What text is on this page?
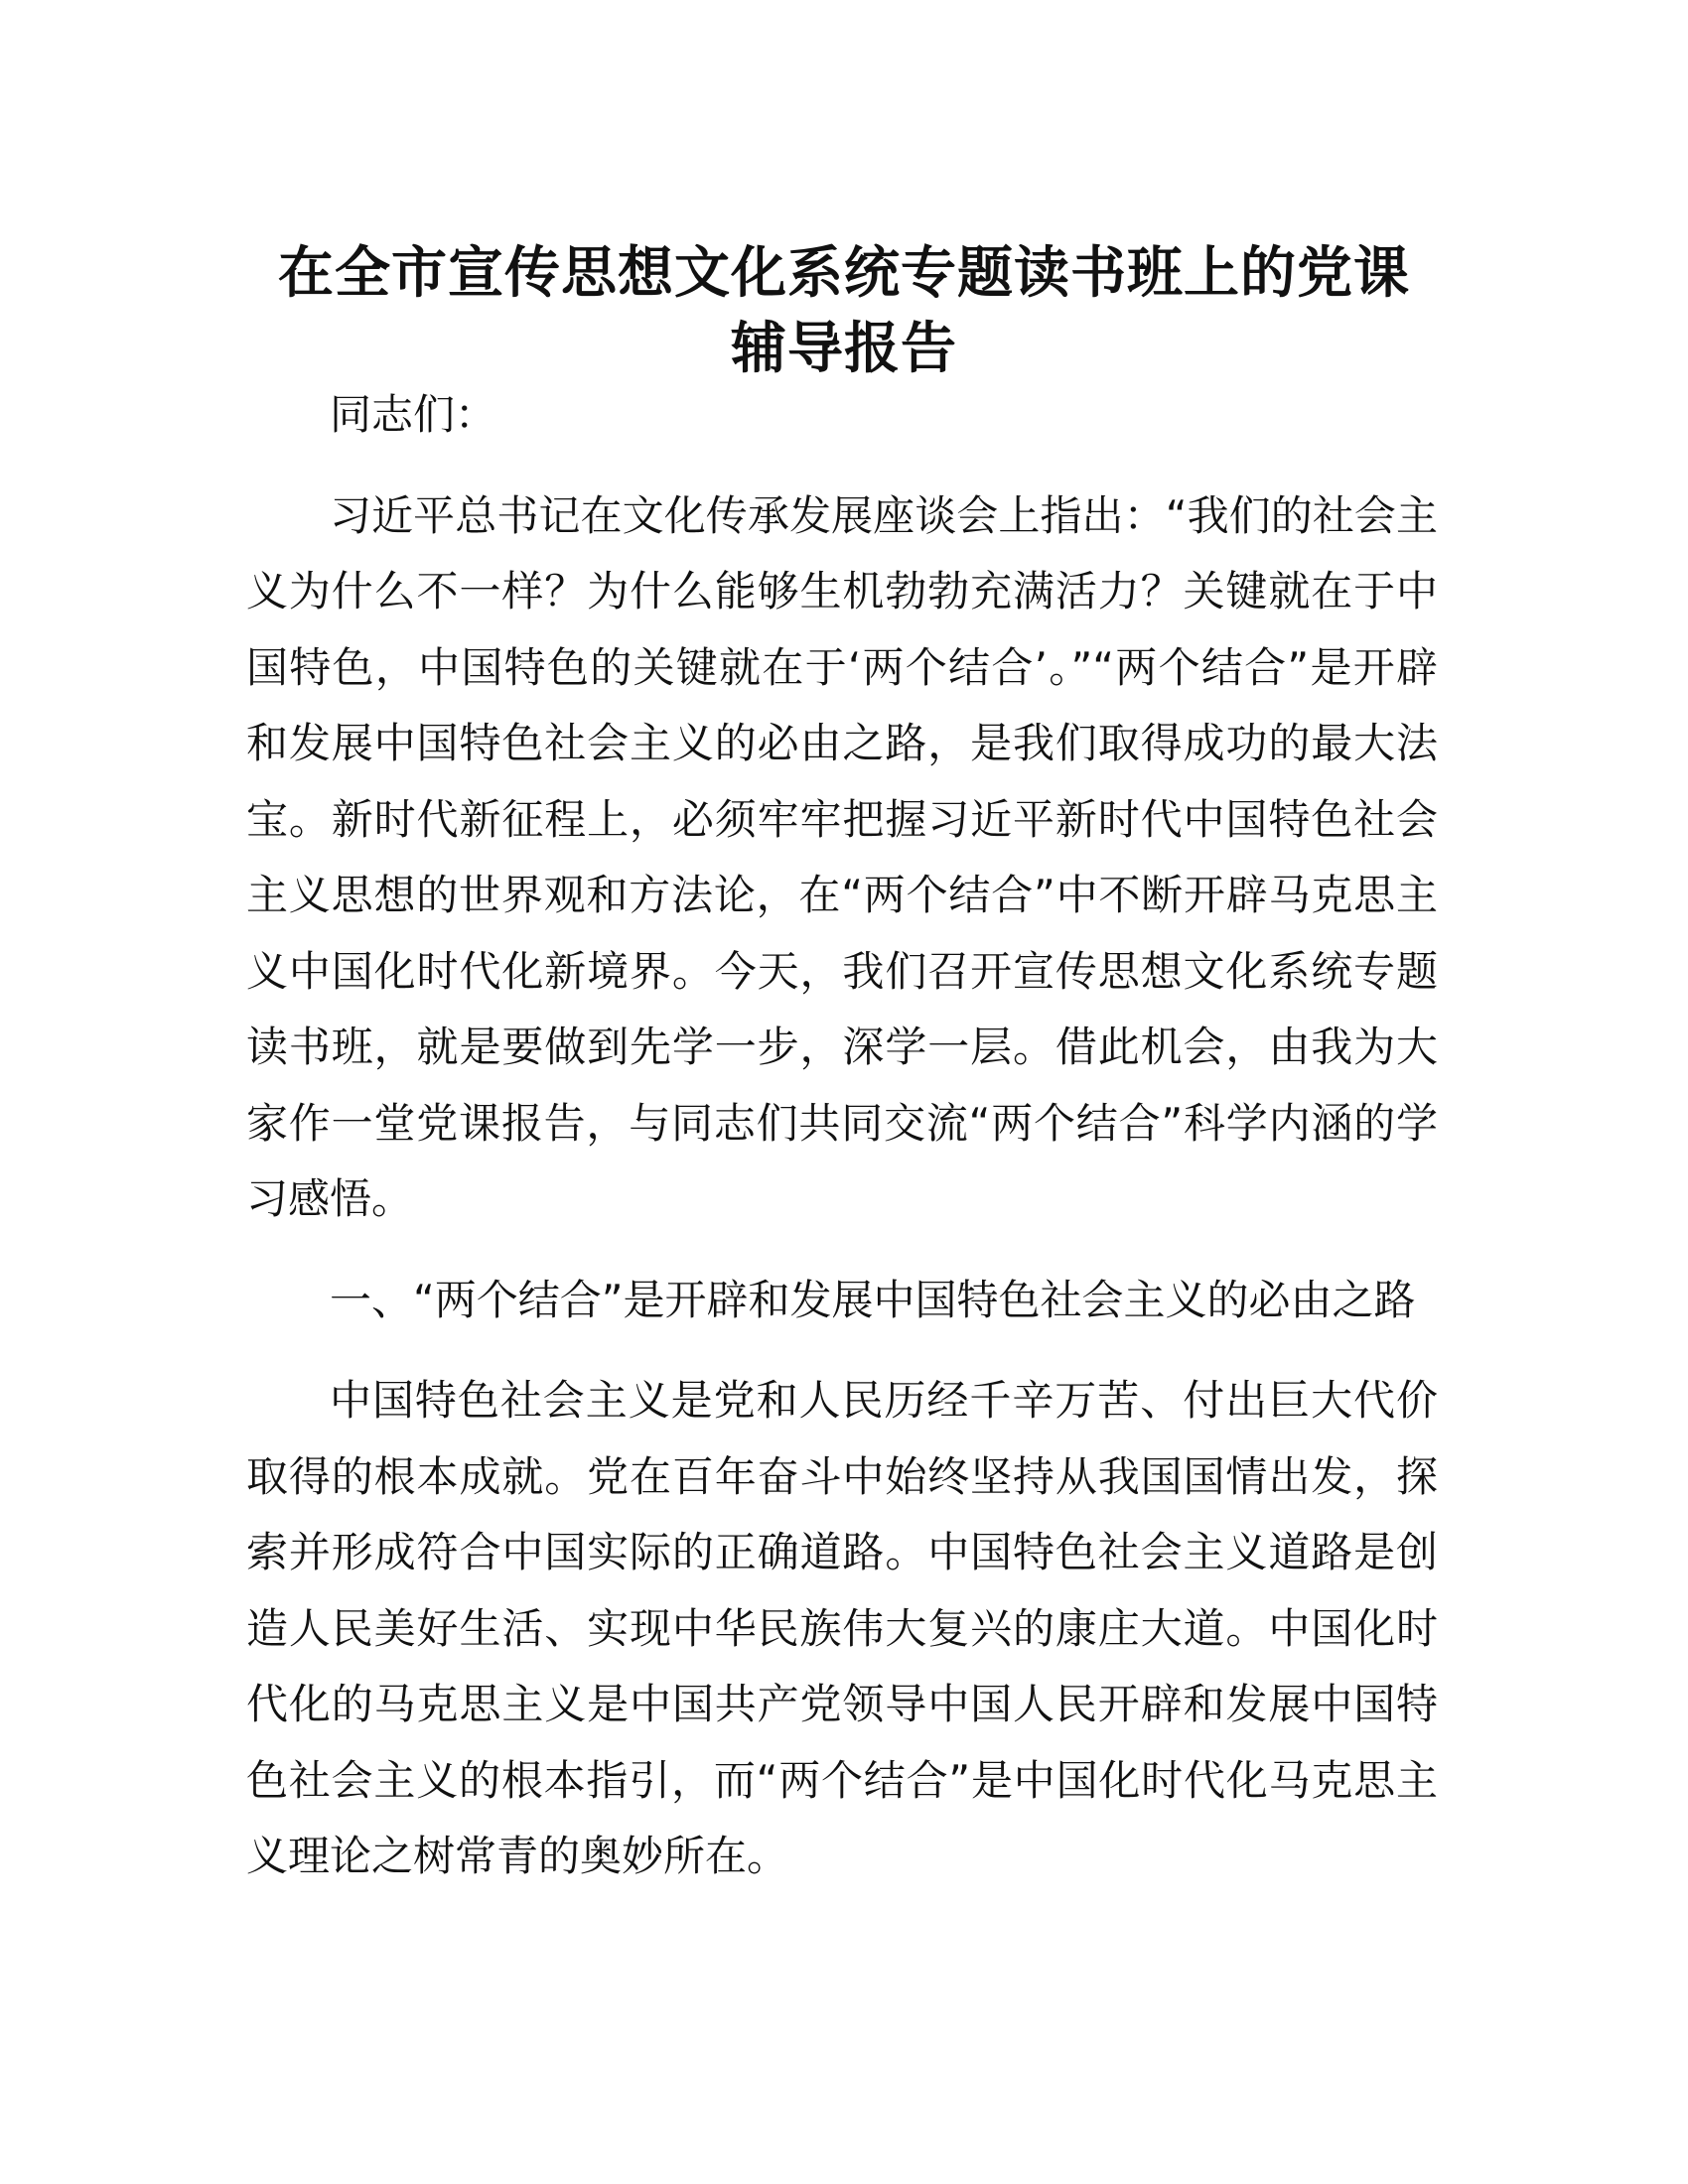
在全市宣传思想文化系统专题读书班上的党课
辅导报告

同志们：

习近平总书记在文化传承发展座谈会上指出：“我们的社会主义为什么不一样？为什么能够生机勃勃充满活力？关键就在于中国特色，中国特色的关键就在于‘两个结合’。”“两个结合”是开辟和发展中国特色社会主义的必由之路，是我们取得成功的最大法宝。新时代新征程上，必须牢牢把握习近平新时代中国特色社会主义思想的世界观和方法论，在“两个结合”中不断开辟马克思主义中国化时代化新境界。今天，我们召开宣传思想文化系统专题读书班，就是要做到先学一步，深学一层。借此机会，由我为大家作一堂党课报告，与同志们共同交流“两个结合”科学内涵的学习感悟。

一、“两个结合”是开辟和发展中国特色社会主义的必由之路

中国特色社会主义是党和人民历经千辛万苦、付出巨大代价取得的根本成就。党在百年奋斗中始终坚持从我国国情出发，探索并形成符合中国实际的正确道路。中国特色社会主义道路是创造人民美好生活、实现中华民族伟大复兴的康庄大道。中国化时代化的马克思主义是中国共产党领导中国人民开辟和发展中国特色社会主义的根本指引，而“两个结合”是中国化时代化马克思主义理论之树常青的奥妙所在。
